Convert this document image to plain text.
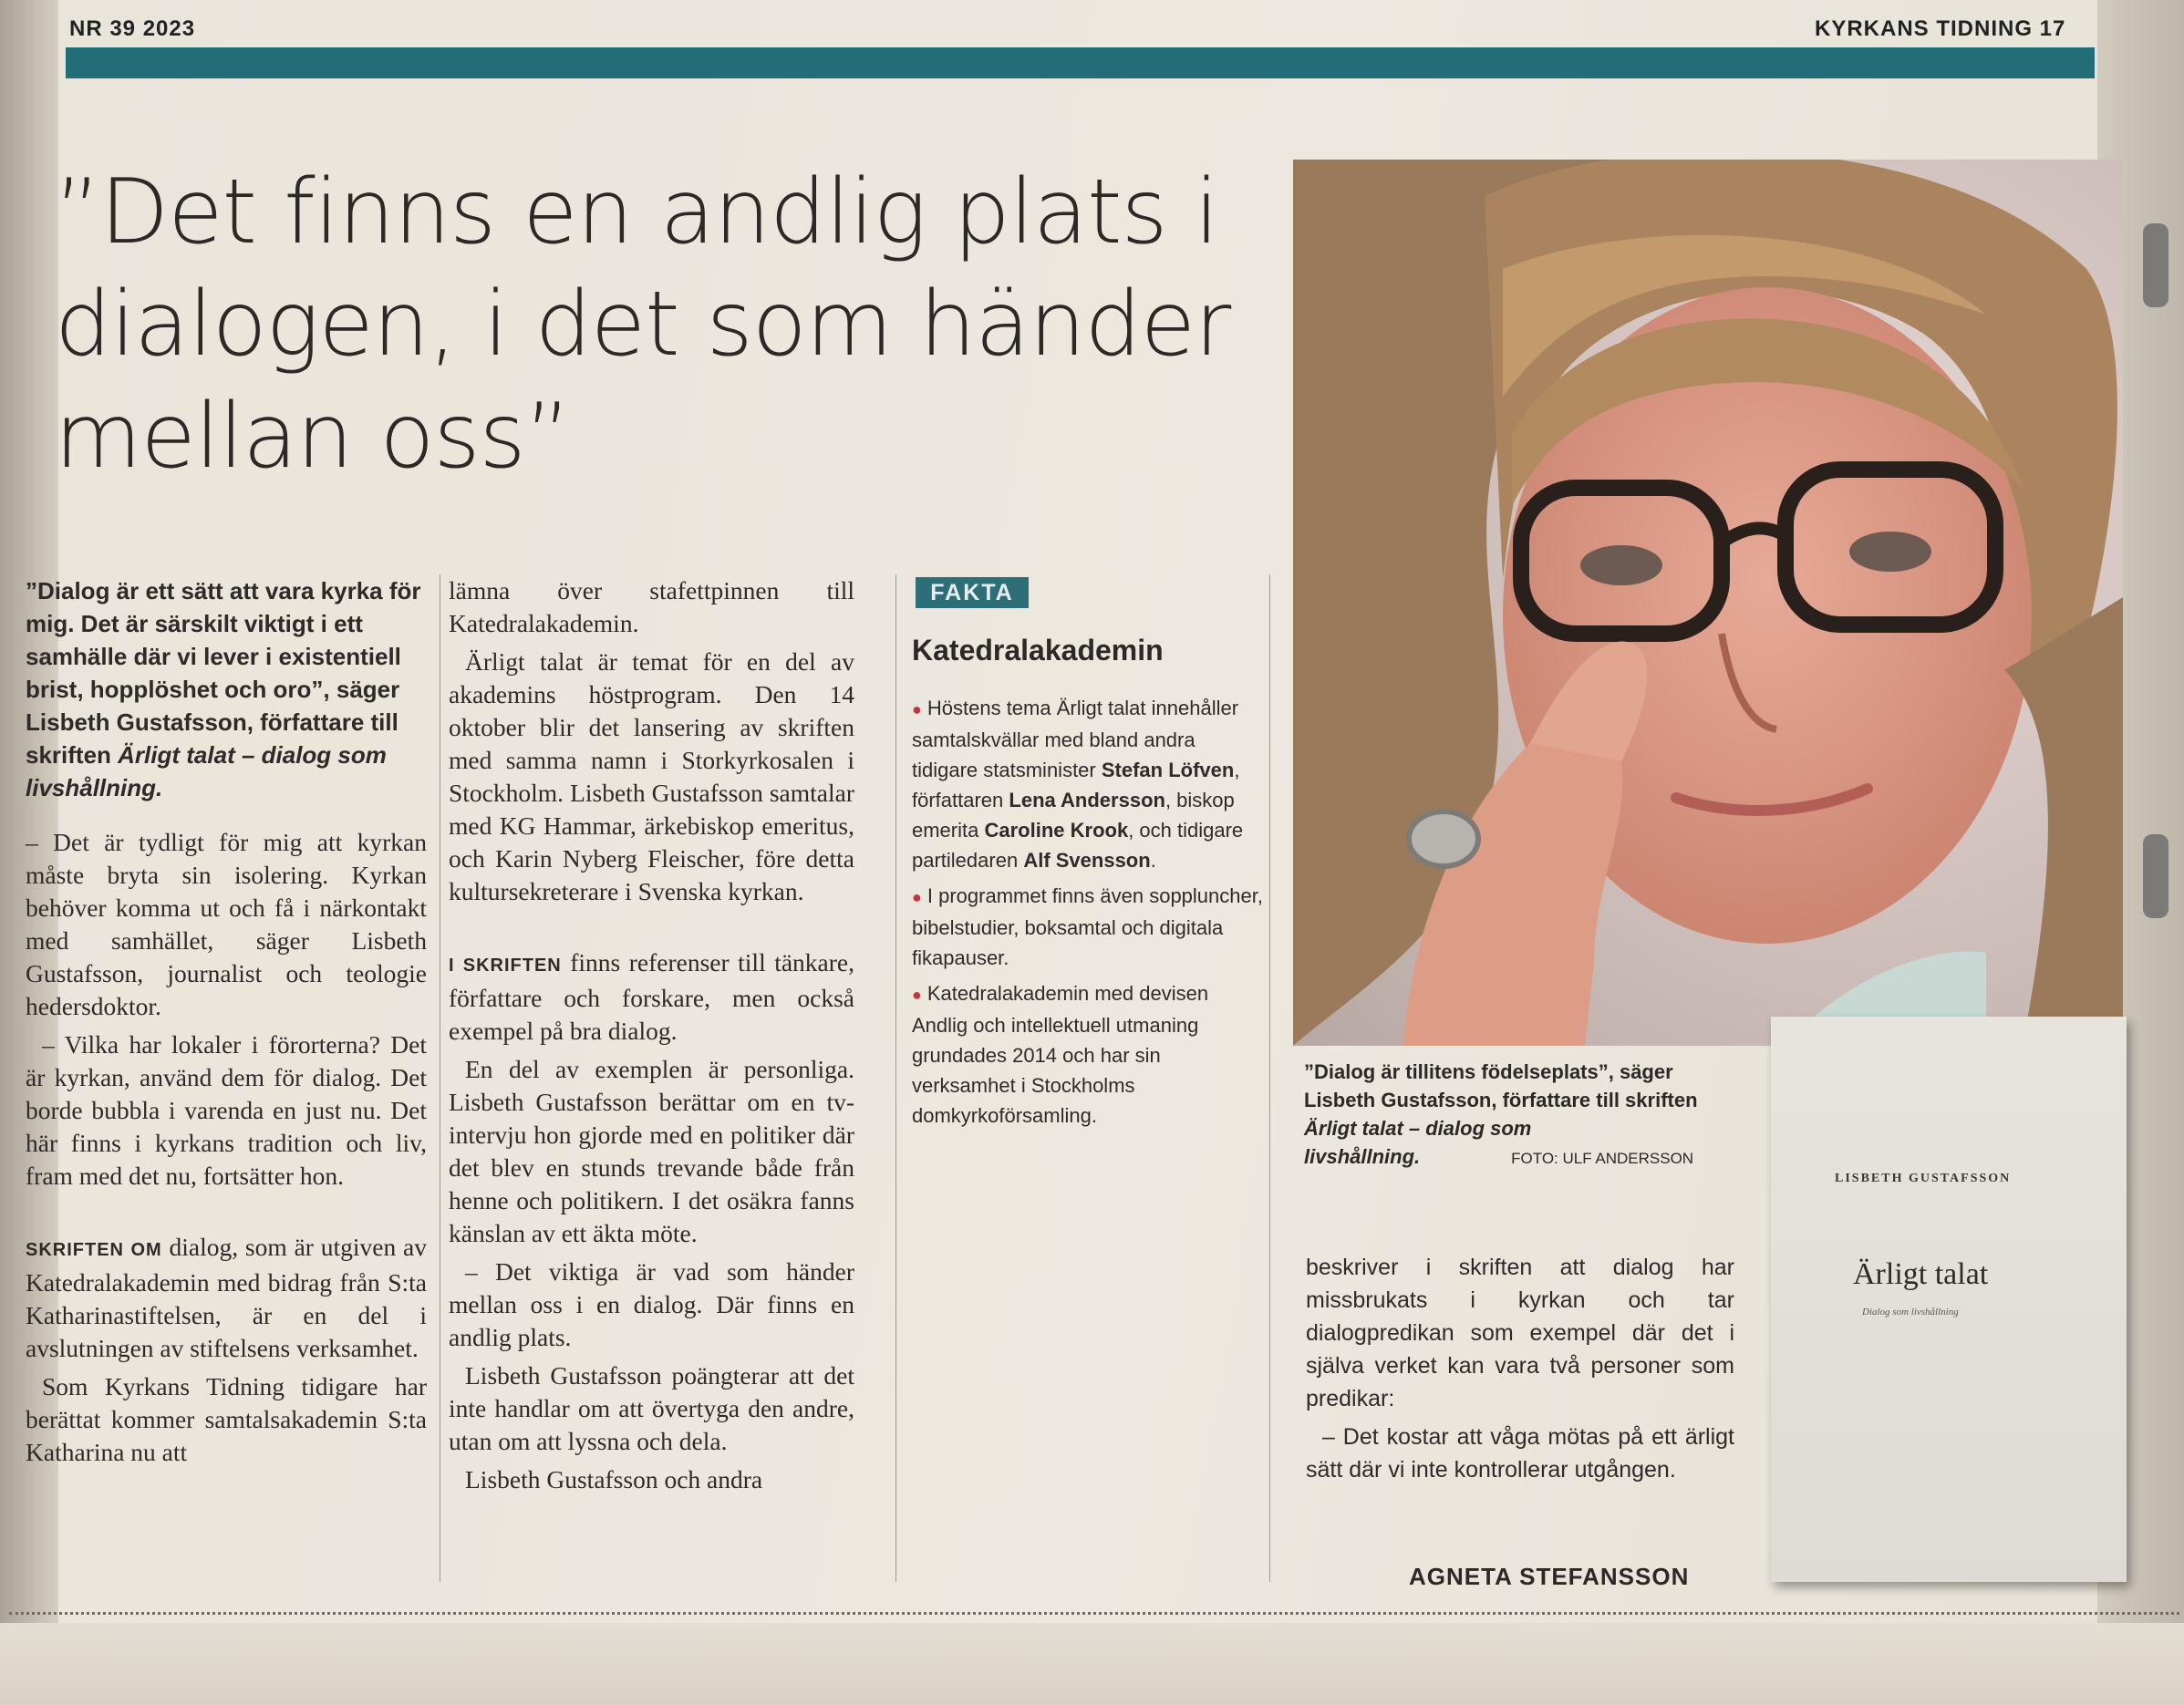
NR 39 2023	KYRKANS TIDNING 17
”Det finns en andlig plats i dialogen, i det som händer mellan oss”

”Dialog är ett sätt att vara kyrka för mig. Det är särskilt viktigt i ett samhälle där vi lever i existentiell brist, hopplöshet och oro”, säger Lisbeth Gustafsson, författare till skriften Ärligt talat – dialog som livshållning.

– Det är tydligt för mig att kyrkan måste bryta sin isolering. Kyrkan behöver komma ut och få i närkontakt med samhället, säger Lisbeth Gustafsson, journalist och teologie hedersdoktor.

– Vilka har lokaler i förorterna? Det är kyrkan, använd dem för dialog. Det borde bubbla i varenda en just nu. Det här finns i kyrkans tradition och liv, fram med det nu, fortsätter hon.

SKRIFTEN OM dialog, som är utgiven av Katedralakademin med bidrag från S:ta Katharinastiftelsen, är en del i avslutningen av stiftelsens verksamhet.

Som Kyrkans Tidning tidigare har berättat kommer samtalsakademin S:ta Katharina nu att

lämna över stafettpinnen till Katedralakademin.

Ärligt talat är temat för en del av akademins höstprogram. Den 14 oktober blir det lansering av skriften med samma namn i Storkyrkosalen i Stockholm. Lisbeth Gustafsson samtalar med KG Hammar, ärkebiskop emeritus, och Karin Nyberg Fleischer, före detta kultursekreterare i Svenska kyrkan.

I SKRIFTEN finns referenser till tänkare, författare och forskare, men också exempel på bra dialog.

En del av exemplen är personliga. Lisbeth Gustafsson berättar om en tv-intervju hon gjorde med en politiker där det blev en stunds trevande både från henne och politikern. I det osäkra fanns känslan av ett äkta möte.

– Det viktiga är vad som händer mellan oss i en dialog. Där finns en andlig plats.

Lisbeth Gustafsson poängterar att det inte handlar om att övertyga den andre, utan om att lyssna och dela.

Lisbeth Gustafsson och andra

FAKTA
Katedralakademin

● Höstens tema Ärligt talat innehåller samtalskvällar med bland andra tidigare statsminister Stefan Löfven, författaren Lena Andersson, biskop emerita Caroline Krook, och tidigare partiledaren Alf Svensson.

● I programmet finns även soppluncher, bibelstudier, boksamtal och digitala fikapauser.

● Katedralakademin med devisen Andlig och intellektuell utmaning grundades 2014 och har sin verksamhet i Stockholms domkyrkoförsamling.

”Dialog är tillitens födelseplats”, säger Lisbeth Gustafsson, författare till skriften Ärligt talat – dialog som livshållning.	FOTO: ULF ANDERSSON

beskriver i skriften att dialog har missbrukats i kyrkan och tar dialogpredikan som exempel där det i själva verket kan vara två personer som predikar:

– Det kostar att våga mötas på ett ärligt sätt där vi inte kontrollerar utgången.

LISBETH GUSTAFSSON
Ärligt talat
Dialog som livshållning
AGNETA STEFANSSON
